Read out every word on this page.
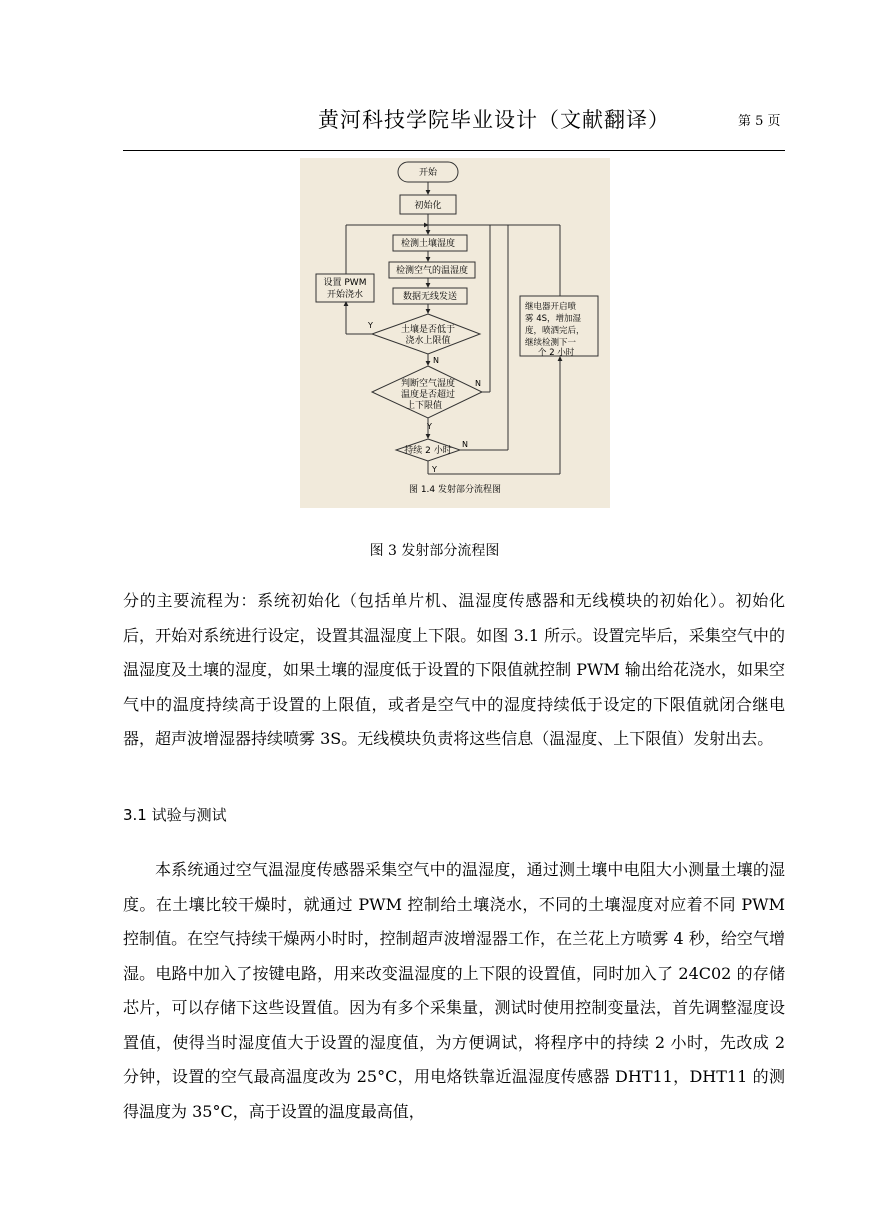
黄河科技学院毕业设计（文献翻译）	第 5 页
开始
初始化
检测土壤湿度
检测空气的温湿度
数据无线发送
设置 PWM
开始浇水
土壤是否低于
浇水上限值
判断空气湿度
温度是否超过
上下限值
持续 2 小时
继电器开启喷
雾 4S，增加湿
度，喷洒完后，
继续检测下一
个 2 小时
Y
N
N
Y
N
Y
图 1.4 发射部分流程图
图 3 发射部分流程图

分的主要流程为：系统初始化（包括单片机、温湿度传感器和无线模块的初始化）。初始化后，开始对系统进行设定，设置其温湿度上下限。如图 3.1 所示。设置完毕后，采集空气中的温湿度及土壤的湿度，如果土壤的湿度低于设置的下限值就控制 PWM 输出给花浇水，如果空气中的温度持续高于设置的上限值，或者是空气中的湿度持续低于设定的下限值就闭合继电器，超声波增湿器持续喷雾 3S。无线模块负责将这些信息（温湿度、上下限值）发射出去。

3.1 试验与测试

本系统通过空气温湿度传感器采集空气中的温湿度，通过测土壤中电阻大小测量土壤的湿度。在土壤比较干燥时，就通过 PWM 控制给土壤浇水，不同的土壤湿度对应着不同 PWM 控制值。在空气持续干燥两小时时，控制超声波增湿器工作，在兰花上方喷雾 4 秒，给空气增湿。电路中加入了按键电路，用来改变温湿度的上下限的设置值，同时加入了 24C02 的存储芯片，可以存储下这些设置值。因为有多个采集量，测试时使用控制变量法，首先调整湿度设置值，使得当时湿度值大于设置的湿度值，为方便调试，将程序中的持续 2 小时，先改成 2 分钟，设置的空气最高温度改为 25°C，用电烙铁靠近温湿度传感器 DHT11，DHT11 的测得温度为 35°C，高于设置的温度最高值，
